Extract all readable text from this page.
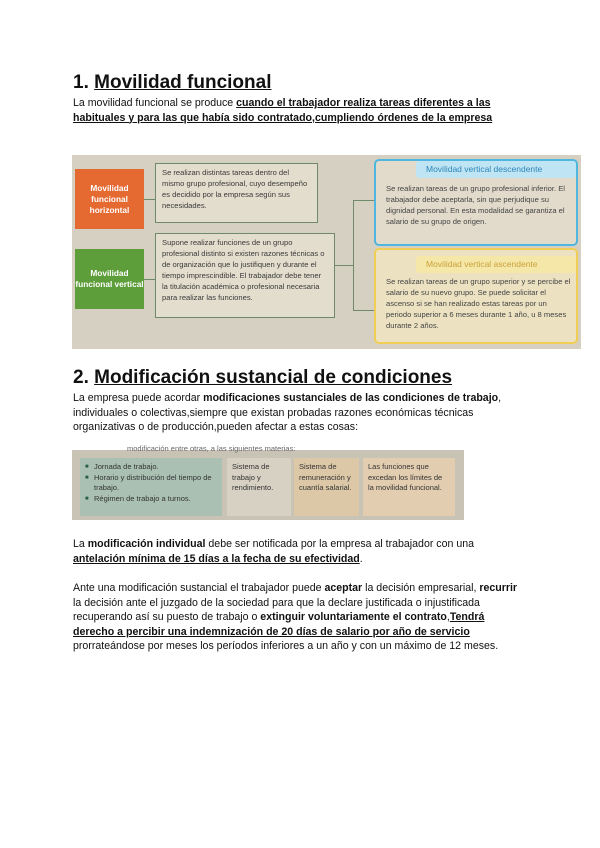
1. Movilidad funcional

La movilidad funcional se produce cuando el trabajador realiza tareas diferentes a las habituales y para las que había sido contratado,cumpliendo órdenes de la empresa

Movilidad funcional horizontal
Movilidad funcional vertical
Se realizan distintas tareas dentro del mismo grupo profesional, cuyo desempeño es decidido por la empresa según sus necesidades.
Supone realizar funciones de un grupo profesional distinto si existen razones técnicas o de organización que lo justifiquen y durante el tiempo imprescindible. El trabajador debe tener la titulación académica o profesional necesaria para realizar las funciones.
Movilidad vertical descendente
Se realizan tareas de un grupo profesional inferior. El trabajador debe aceptarla, sin que perjudique su dignidad personal. En esta modalidad se garantiza el salario de su grupo de origen.
Movilidad vertical ascendente
Se realizan tareas de un grupo superior y se percibe el salario de su nuevo grupo. Se puede solicitar el ascenso si se han realizado estas tareas por un periodo superior a 6 meses durante 1 año, u 8 meses durante 2 años.
2. Modificación sustancial de condiciones

La empresa puede acordar modificaciones sustanciales de las condiciones de trabajo, individuales o colectivas,siempre que existan probadas razones económicas técnicas organizativas o de producción,pueden afectar a estas cosas:

modificación entre otras, a las siguientes materias:
■ Jornada de trabajo.
■ Horario y distribución del tiempo de trabajo.
■ Régimen de trabajo a turnos.
Sistema de trabajo y rendimiento.
Sistema de remuneración y cuantía salarial.
Las funciones que excedan los límites de la movilidad funcional.

La modificación individual debe ser notificada por la empresa al trabajador con una antelación mínima de 15 días a la fecha de su efectividad.

Ante una modificación sustancial el trabajador puede aceptar la decisión empresarial, recurrir la decisión ante el juzgado de la sociedad para que la declare justificada o injustificada recuperando así su puesto de trabajo o extinguir voluntariamente el contrato,Tendrá derecho a percibir una indemnización de 20 días de salario por año de servicio prorrateándose por meses los períodos inferiores a un año y con un máximo de 12 meses.
